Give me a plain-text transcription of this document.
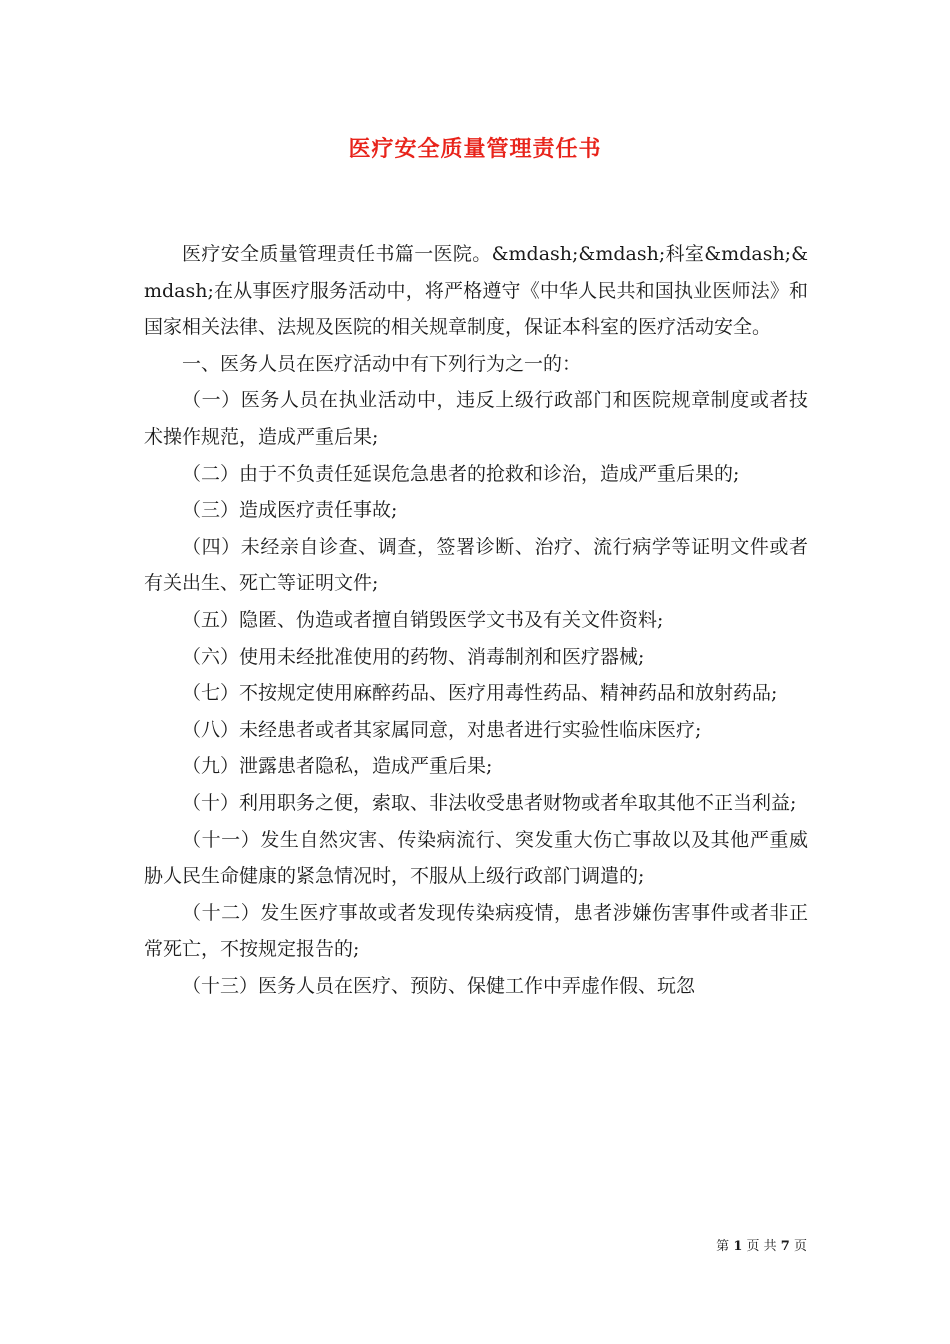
医疗安全质量管理责任书

医疗安全质量管理责任书篇一医院。&mdash;&mdash;科室&mdash;&mdash;在从事医疗服务活动中，将严格遵守《中华人民共和国执业医师法》和国家相关法律、法规及医院的相关规章制度，保证本科室的医疗活动安全。

一、医务人员在医疗活动中有下列行为之一的：

（一）医务人员在执业活动中，违反上级行政部门和医院规章制度或者技术操作规范，造成严重后果;

（二）由于不负责任延误危急患者的抢救和诊治，造成严重后果的;

（三）造成医疗责任事故;

（四）未经亲自诊查、调查，签署诊断、治疗、流行病学等证明文件或者有关出生、死亡等证明文件;

（五）隐匿、伪造或者擅自销毁医学文书及有关文件资料;

（六）使用未经批准使用的药物、消毒制剂和医疗器械;

（七）不按规定使用麻醉药品、医疗用毒性药品、精神药品和放射药品;

（八）未经患者或者其家属同意，对患者进行实验性临床医疗;

（九）泄露患者隐私，造成严重后果;

（十）利用职务之便，索取、非法收受患者财物或者牟取其他不正当利益;

（十一）发生自然灾害、传染病流行、突发重大伤亡事故以及其他严重威胁人民生命健康的紧急情况时，不服从上级行政部门调遣的;

（十二）发生医疗事故或者发现传染病疫情，患者涉嫌伤害事件或者非正常死亡，不按规定报告的;

（十三）医务人员在医疗、预防、保健工作中弄虚作假、玩忽

第 1 页 共 7 页
